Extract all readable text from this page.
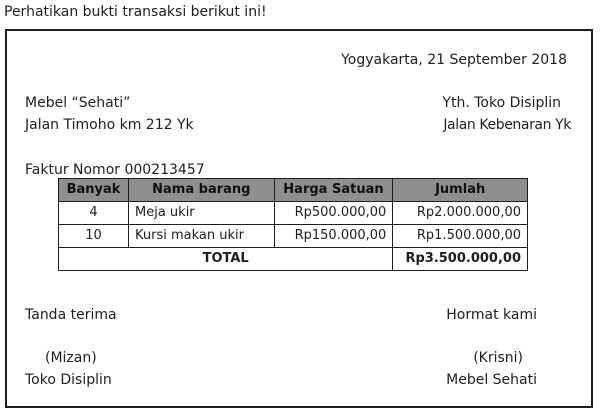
Perhatikan bukti transaksi berikut ini!
Yogyakarta, 21 September 2018
Mebel “Sehati”
Jalan Timoho km 212 Yk
Yth. Toko Disiplin
Jalan Kebenaran Yk
Faktur Nomor 000213457
Banyak	Nama barang	Harga Satuan	Jumlah
4	Meja ukir	Rp500.000,00	Rp2.000.000,00
10	Kursi makan ukir	Rp150.000,00	Rp1.500.000,00
TOTAL			Rp3.500.000,00
Tanda terima	Hormat kami
(Mizan)	(Krisni)
Toko Disiplin	Mebel Sehati
